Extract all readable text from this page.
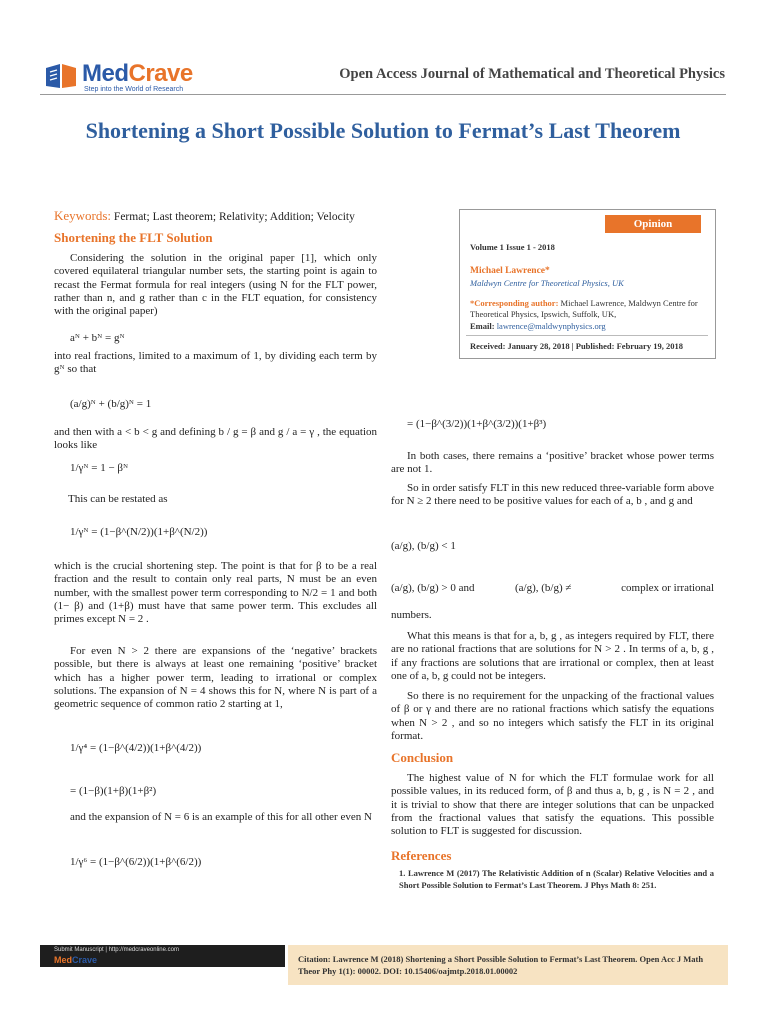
MedCrave
Step into the World of Research
Open Access Journal of Mathematical and Theoretical Physics
Shortening a Short Possible Solution to Fermat’s Last Theorem
Opinion
Volume 1 Issue 1 - 2018
Michael Lawrence*
Maldwyn Centre for Theoretical Physics, UK
*Corresponding author: Michael Lawrence, Maldwyn Centre for Theoretical Physics, Ipswich, Suffolk, UK,
Email: lawrence@maldwynphysics.org
Received: January 28, 2018 | Published: February 19, 2018
Keywords: Fermat; Last theorem; Relativity; Addition; Velocity
Shortening the FLT Solution
Considering the solution in the original paper [1], which only covered equilateral triangular number sets, the starting point is again to recast the Fermat formula for real integers (using N for the FLT power, rather than n, and g rather than c in the FLT equation, for consistency with the original paper)
aᴺ + bᴺ = gᴺ
into real fractions, limited to a maximum of 1, by dividing each term by gᴺ so that
(a/g)ᴺ + (b/g)ᴺ = 1
and then with a < b < g and defining b / g = β and g / a = γ , the equation looks like
1/γᴺ = 1 − βᴺ
This can be restated as
1/γᴺ = (1−β^(N/2))(1+β^(N/2))
which is the crucial shortening step. The point is that for β to be a real fraction and the result to contain only real parts, N must be an even number, with the smallest power term corresponding to N/2 = 1 and both (1− β) and (1+β) must have that same power term. This excludes all primes except N = 2 .
For even N > 2 there are expansions of the ‘negative’ brackets possible, but there is always at least one remaining ‘positive’ bracket which has a higher power term, leading to irrational or complex solutions. The expansion of N = 4 shows this for N, where N is part of a geometric sequence of common ratio 2 starting at 1,
1/γ⁴ = (1−β^(4/2))(1+β^(4/2))
= (1−β)(1+β)(1+β²)
and the expansion of N = 6 is an example of this for all other even N
1/γ⁶ = (1−β^(6/2))(1+β^(6/2))
= (1−β^(3/2))(1+β^(3/2))(1+β³)
In both cases, there remains a ‘positive’ bracket whose power terms are not 1.
So in order satisfy FLT in this new reduced three-variable form above for N ≥ 2 there need to be positive values for each of a, b , and g and
(a/g), (b/g) < 1
(a/g), (b/g) > 0 and	(a/g), (b/g) ≠	complex or irrational
numbers.
What this means is that for a, b, g , as integers required by FLT, there are no rational fractions that are solutions for N > 2 . In terms of a, b, g , if any fractions are solutions that are irrational or complex, then at least one of a, b, g could not be integers.
So there is no requirement for the unpacking of the fractional values of β or γ and there are no rational fractions which satisfy the equations when N > 2 , and so no integers which satisfy the FLT in its original format.
Conclusion
The highest value of N for which the FLT formulae work for all possible values, in its reduced form, of β and thus a, b, g , is N = 2 , and it is trivial to show that there are integer solutions that can be unpacked from the fractional values that satisfy the equations. This possible solution to FLT is suggested for discussion.
References
1. Lawrence M (2017) The Relativistic Addition of n (Scalar) Relative Velocities and a Short Possible Solution to Fermat’s Last Theorem. J Phys Math 8: 251.
Submit Manuscript | http://medcraveonline.com
MedCrave	Citation: Lawrence M (2018) Shortening a Short Possible Solution to Fermat’s Last Theorem. Open Acc J Math Theor Phy 1(1): 00002. DOI: 10.15406/oajmtp.2018.01.00002
